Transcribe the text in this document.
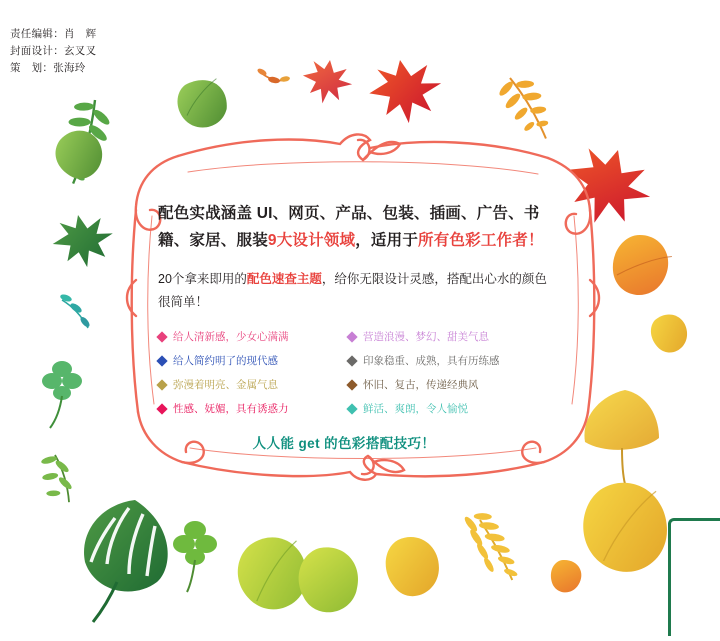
责任编辑：肖　辉
封面设计：玄叉叉
策　划：张海玲
配色实战涵盖 UI、网页、产品、包装、插画、广告、书籍、家居、服装9大设计领域，适用于所有色彩工作者！
20个拿来即用的配色速查主题，给你无限设计灵感，搭配出心水的颜色很简单！
给人清新感，少女心满满	营造浪漫、梦幻、甜美气息
给人简约明了的现代感	印象稳重、成熟，具有历练感
弥漫着明亮、金属气息	怀旧、复古，传递经典风
性感、妩媚，具有诱惑力	鲜活、爽朗，令人愉悦
人人能 get 的色彩搭配技巧！
